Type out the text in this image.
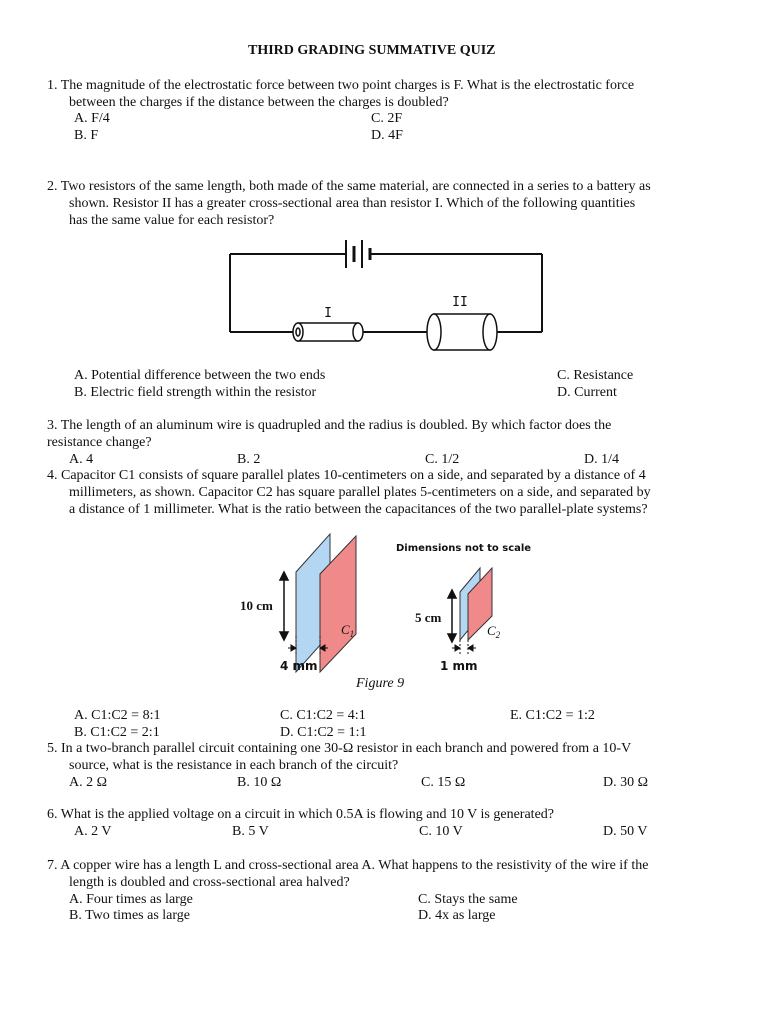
THIRD GRADING SUMMATIVE QUIZ
1. The magnitude of the electrostatic force between two point charges is F. What is the electrostatic force
between the charges if the distance between the charges is doubled?
A. F/4	C. 2F
B. F	D. 4F
2. Two resistors of the same length, both made of the same material, are connected in a series to a battery as
shown. Resistor II has a greater cross-sectional area than resistor I. Which of the following quantities
has the same value for each resistor?
I
II
A. Potential difference between the two ends	C. Resistance
B. Electric field strength within the resistor	D. Current
3. The length of an aluminum wire is quadrupled and the radius is doubled. By which factor does the
resistance change?
A. 4	B. 2	C. 1/2	D. 1/4
4. Capacitor C1 consists of square parallel plates 10-centimeters on a side, and separated by a distance of 4
millimeters, as shown. Capacitor C2 has square parallel plates 5-centimeters on a side, and separated by
a distance of 1 millimeter. What is the ratio between the capacitances of the two parallel-plate systems?
Dimensions not to scale
10 cm
4 mm
$C_1$
5 cm
1 mm
$C_2$
Figure 9
A. C1:C2 = 8:1	C. C1:C2 = 4:1	E. C1:C2 = 1:2
B. C1:C2 = 2:1	D. C1:C2 = 1:1
5. In a two-branch parallel circuit containing one 30-Ω resistor in each branch and powered from a 10-V
source, what is the resistance in each branch of the circuit?
A. 2 Ω	B. 10 Ω	C. 15 Ω	D. 30 Ω
6. What is the applied voltage on a circuit in which 0.5A is flowing and 10 V is generated?
A. 2 V	B. 5 V	C. 10 V	D. 50 V
7. A copper wire has a length L and cross-sectional area A. What happens to the resistivity of the wire if the
length is doubled and cross-sectional area halved?
A. Four times as large	C. Stays the same
B. Two times as large	D. 4x as large
